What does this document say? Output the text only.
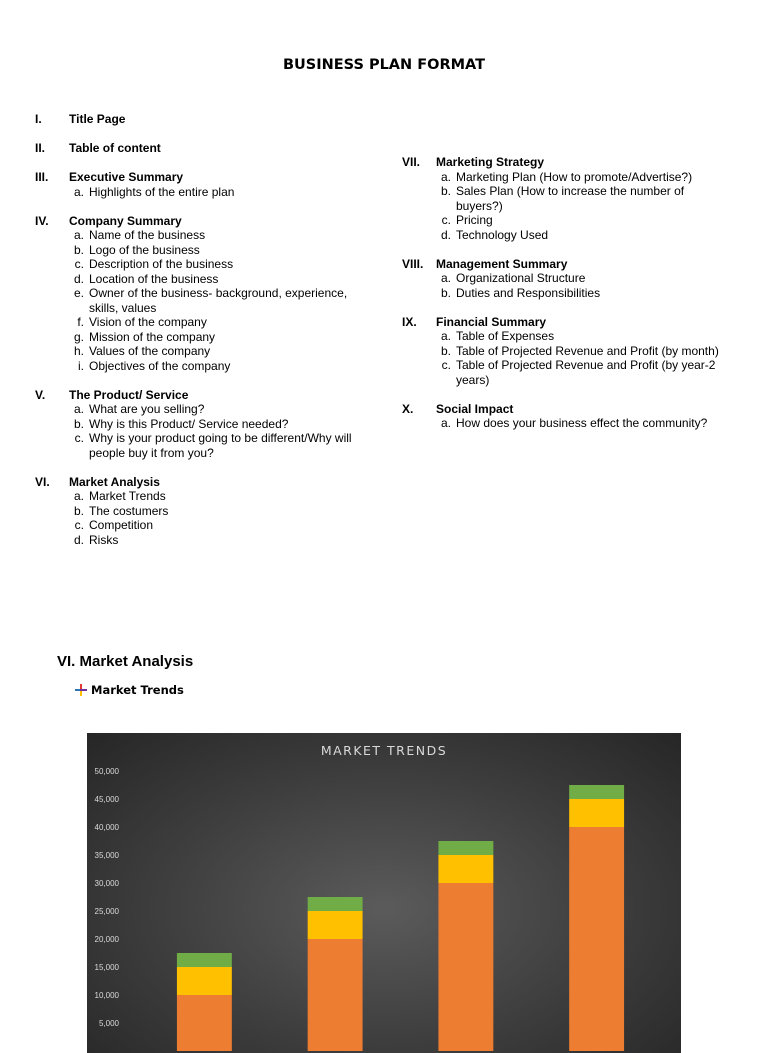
BUSINESS PLAN FORMAT
I.	Title Page
II.	Table of content
III.	Executive Summary
a. Highlights of the entire plan
IV.	Company Summary
a. Name of the business
b. Logo of the business
c. Description of the business
d. Location of the business
e. Owner of the business- background, experience, skills, values
f. Vision of the company
g. Mission of the company
h. Values of the company
i. Objectives of the company
V.	The Product/ Service
a. What are you selling?
b. Why is this Product/ Service needed?
c. Why is your product going to be different/Why will people buy it from you?
VI.	Market Analysis
a. Market Trends
b. The costumers
c. Competition
d. Risks
VII.	Marketing Strategy
a. Marketing Plan (How to promote/Advertise?)
b. Sales Plan (How to increase the number of buyers?)
c. Pricing
d. Technology Used
VIII.	Management Summary
a. Organizational Structure
b. Duties and Responsibilities
IX.	Financial Summary
a. Table of Expenses
b. Table of Projected Revenue and Profit (by month)
c. Table of Projected Revenue and Profit (by year-2 years)
X.	Social Impact
a. How does your business effect the community?
VI. Market Analysis
Market Trends
MARKET TRENDS
50,000
45,000
40,000
35,000
30,000
25,000
20,000
15,000
10,000
5,000
